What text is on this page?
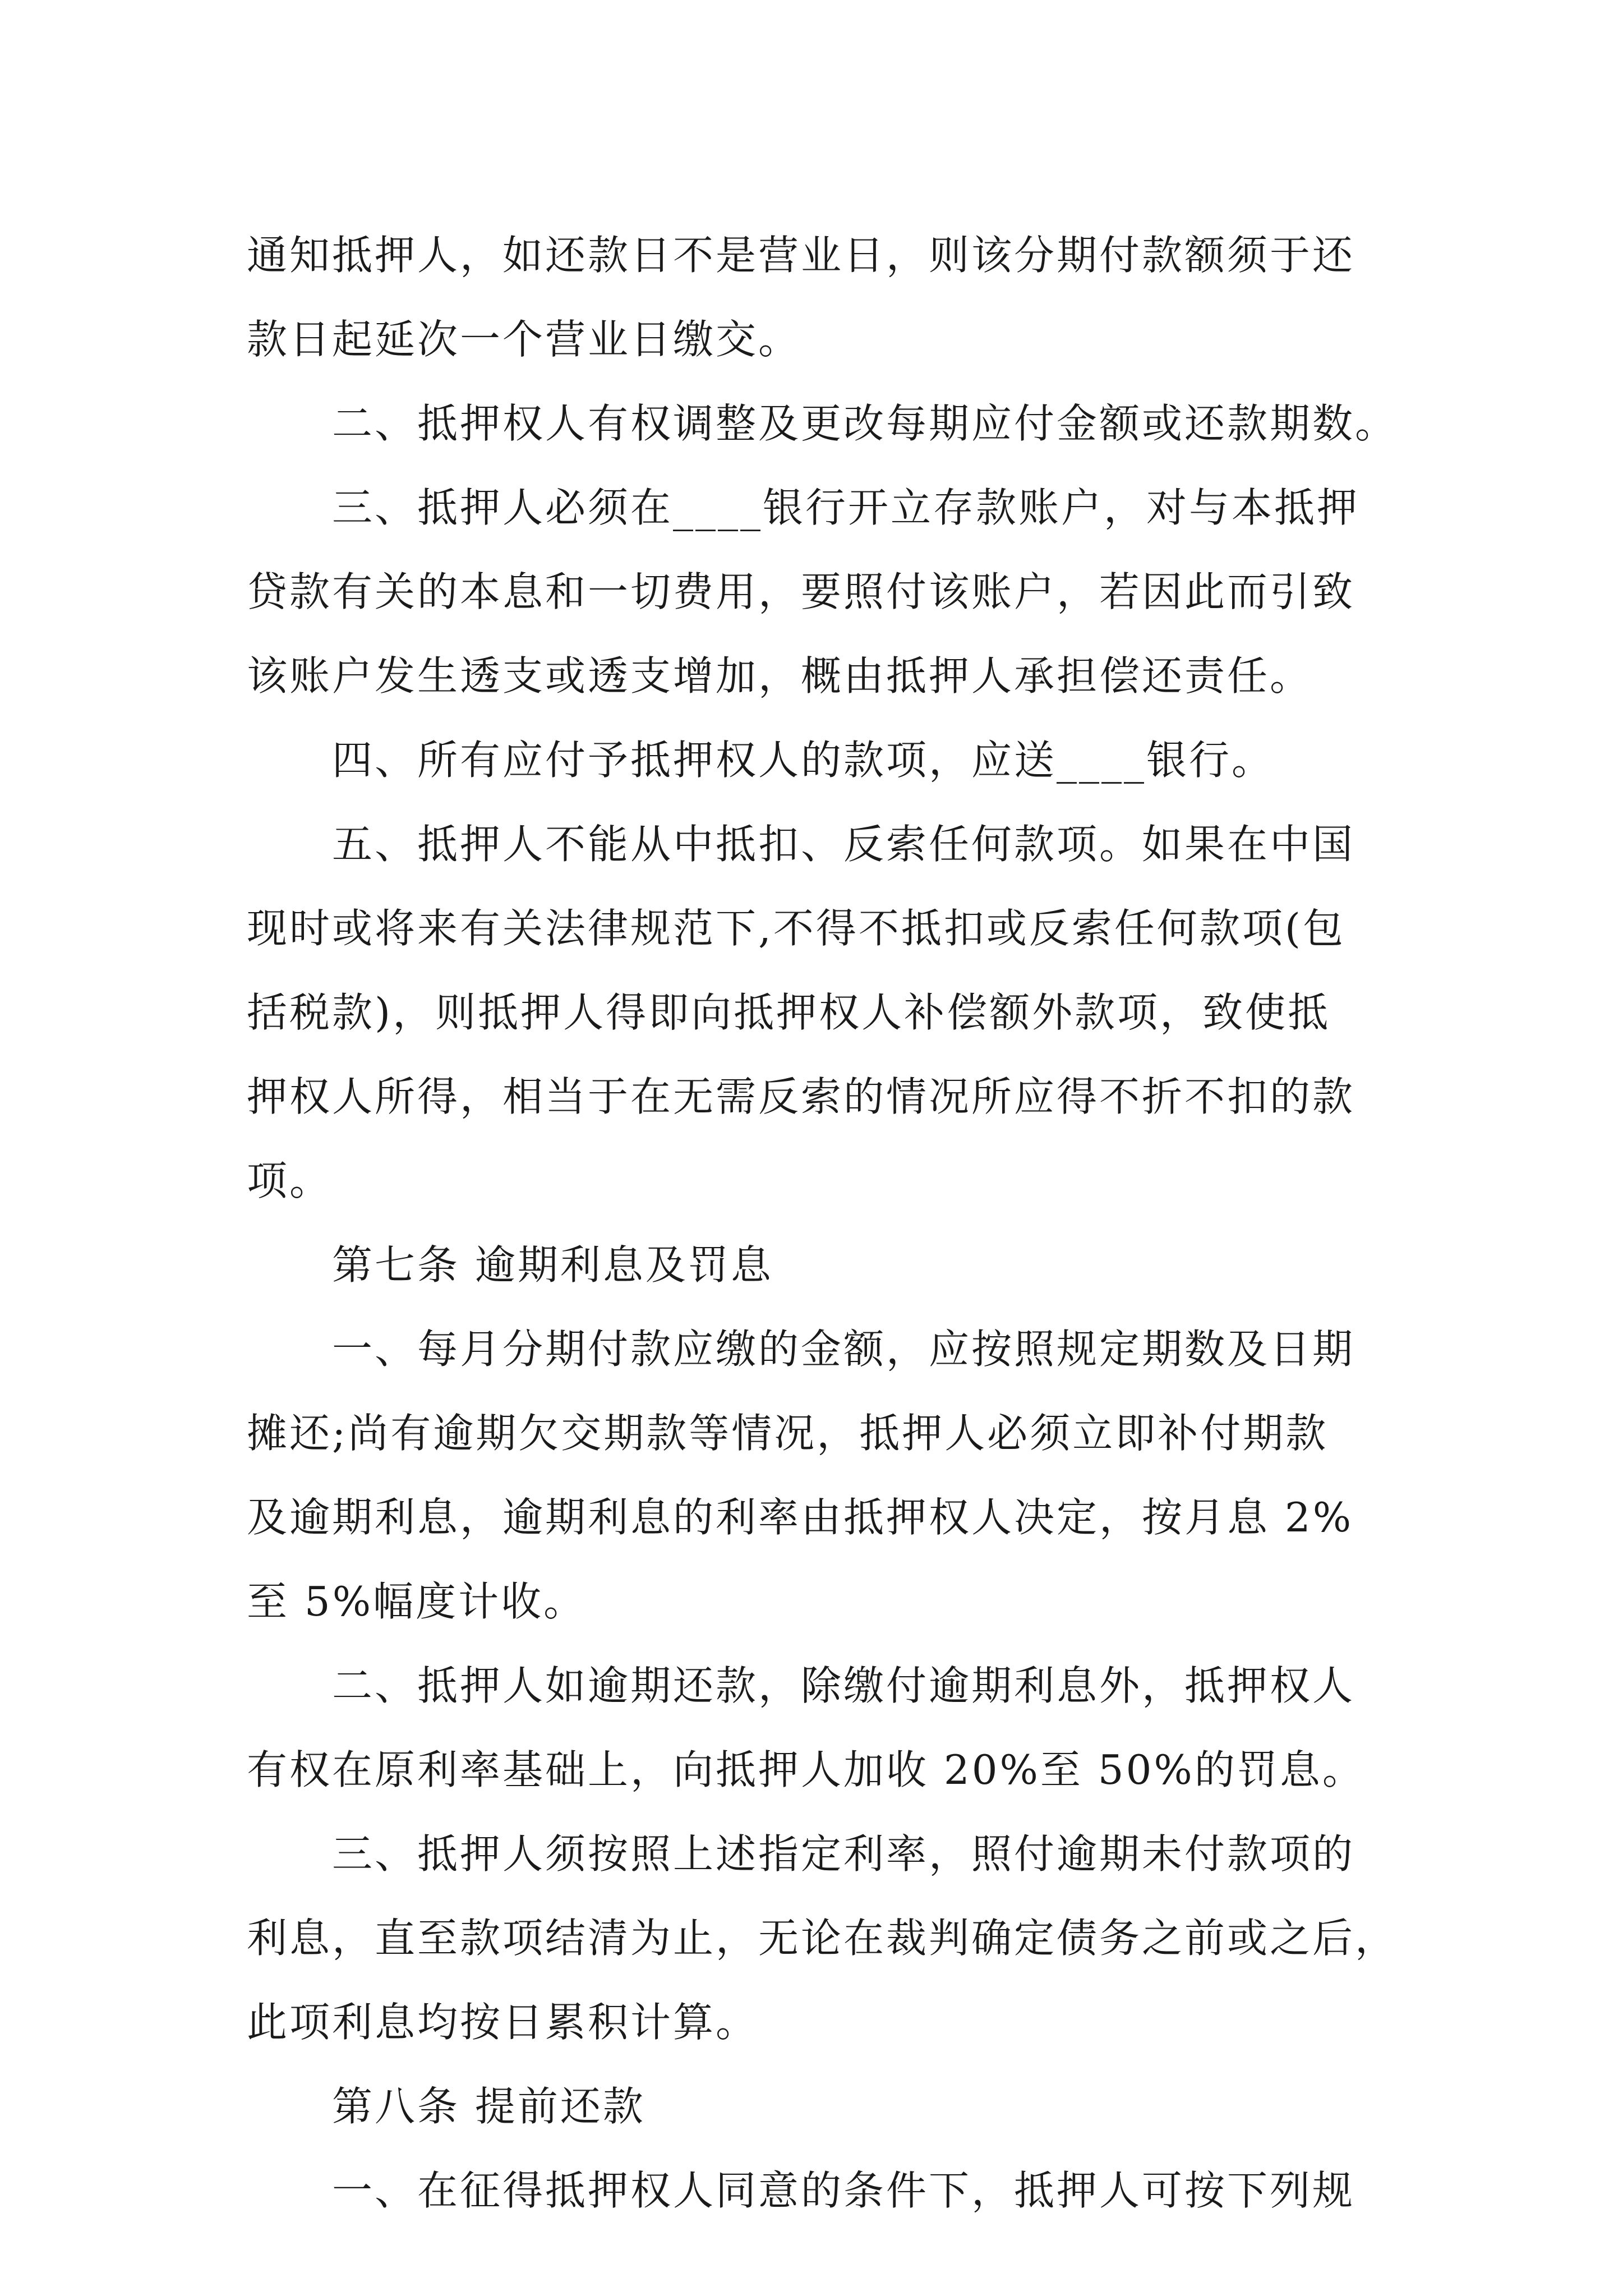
通知抵押人，如还款日不是营业日，则该分期付款额须于还
款日起延次一个营业日缴交。
二、抵押权人有权调整及更改每期应付金额或还款期数。
三、抵押人必须在____银行开立存款账户，对与本抵押
贷款有关的本息和一切费用，要照付该账户，若因此而引致
该账户发生透支或透支增加，概由抵押人承担偿还责任。
四、所有应付予抵押权人的款项，应送____银行。
五、抵押人不能从中抵扣、反索任何款项。如果在中国
现时或将来有关法律规范下,不得不抵扣或反索任何款项(包
括税款)，则抵押人得即向抵押权人补偿额外款项，致使抵
押权人所得，相当于在无需反索的情况所应得不折不扣的款
项。
第七条 逾期利息及罚息
一、每月分期付款应缴的金额，应按照规定期数及日期
摊还;尚有逾期欠交期款等情况，抵押人必须立即补付期款
及逾期利息，逾期利息的利率由抵押权人决定，按月息 2%
至 5%幅度计收。
二、抵押人如逾期还款，除缴付逾期利息外，抵押权人
有权在原利率基础上，向抵押人加收 20%至 50%的罚息。
三、抵押人须按照上述指定利率，照付逾期未付款项的
利息，直至款项结清为止，无论在裁判确定债务之前或之后，
此项利息均按日累积计算。
第八条 提前还款
一、在征得抵押权人同意的条件下，抵押人可按下列规
